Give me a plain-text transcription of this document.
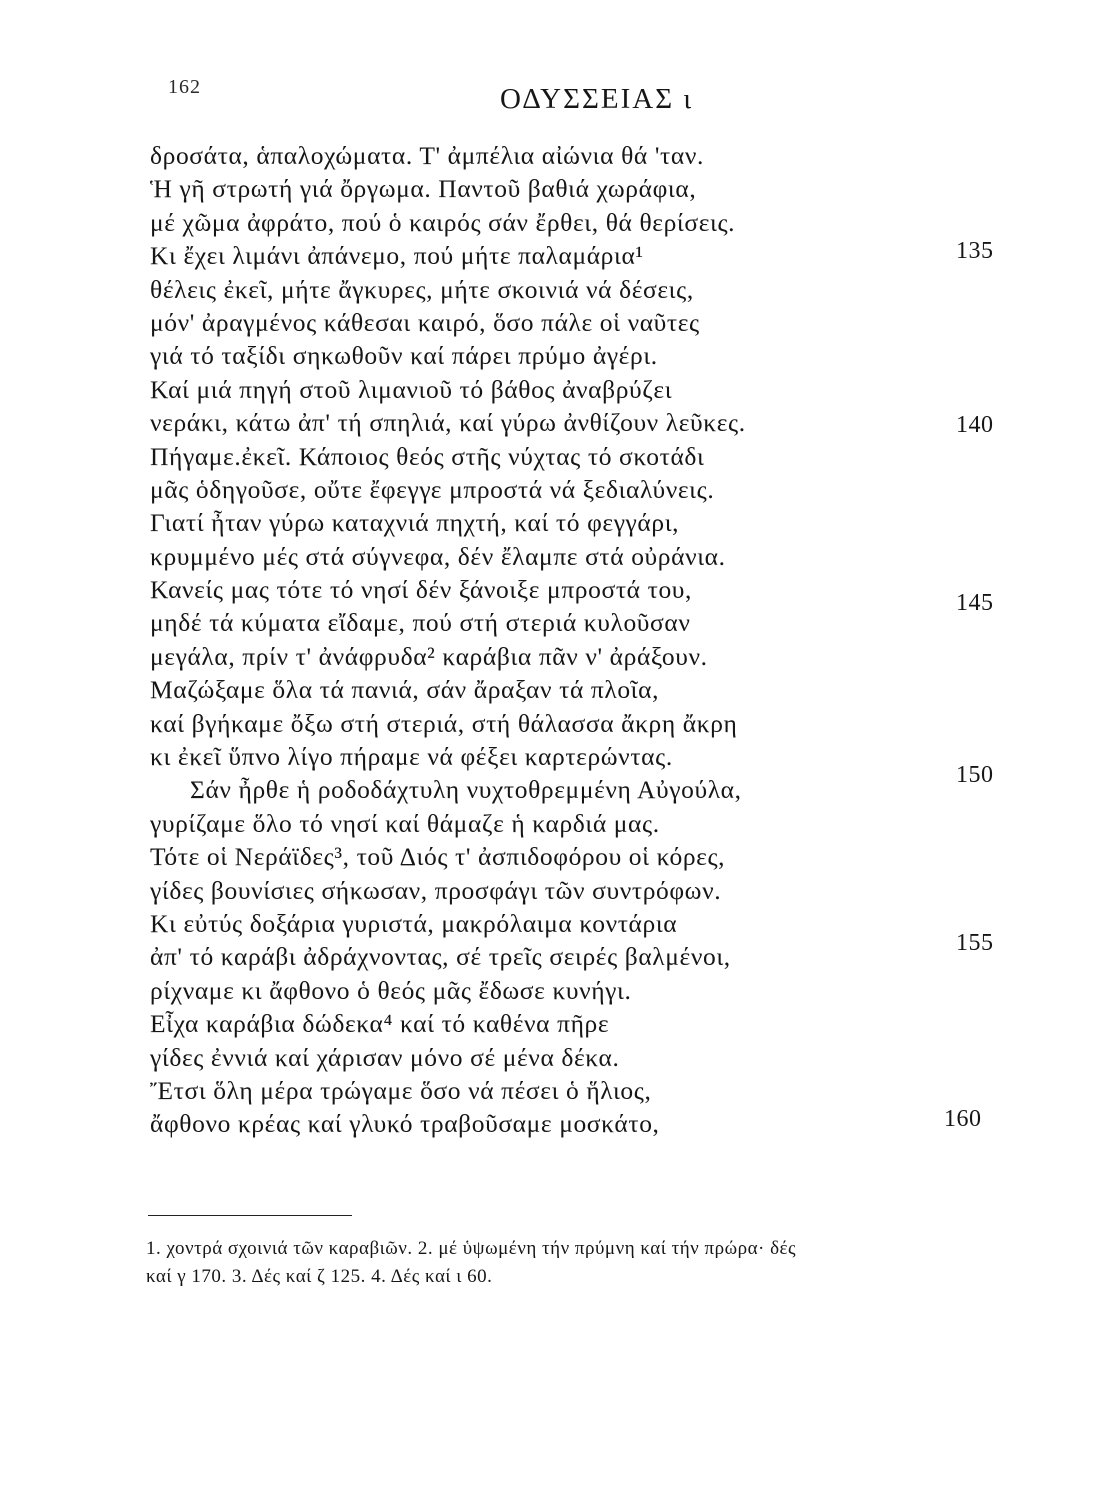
162	ΟΔΥΣΣΕΙΑΣ ι
δροσάτα, ἁπαλοχώματα. Τ' ἀμπέλια αἰώνια θά 'ταν.
Ἡ γῆ στρωτή γιά ὄργωμα. Παντοῦ βαθιά χωράφια,
μέ χῶμα ἀφράτο, πού ὁ καιρός σάν ἔρθει, θά θερίσεις.
Κι ἔχει λιμάνι ἀπάνεμο, πού μήτε παλαμάρια¹
θέλεις ἐκεῖ, μήτε ἄγκυρες, μήτε σκοινιά νά δέσεις,
μόν' ἀραγμένος κάθεσαι καιρό, ὅσο πάλε οἱ ναῦτες
γιά τό ταξίδι σηκωθοῦν καί πάρει πρύμο ἀγέρι.
Καί μιά πηγή στοῦ λιμανιοῦ τό βάθος ἀναβρύζει
νεράκι, κάτω ἀπ' τή σπηλιά, καί γύρω ἀνθίζουν λεῦκες.
Πήγαμε.ἐκεῖ. Κάποιος θεός στῆς νύχτας τό σκοτάδι
μᾶς ὁδηγοῦσε, οὔτε ἔφεγγε μπροστά νά ξεδιαλύνεις.
Γιατί ἦταν γύρω καταχνιά πηχτή, καί τό φεγγάρι,
κρυμμένο μές στά σύγνεφα, δέν ἔλαμπε στά οὐράνια.
Κανείς μας τότε τό νησί δέν ξάνοιξε μπροστά του,
μηδέ τά κύματα εἴδαμε, πού στή στεριά κυλοῦσαν
μεγάλα, πρίν τ' ἀνάφρυδα² καράβια πᾶν ν' ἀράξουν.
Μαζώξαμε ὅλα τά πανιά, σάν ἄραξαν τά πλοῖα,
καί βγήκαμε ὄξω στή στεριά, στή θάλασσα ἄκρη ἄκρη
κι ἐκεῖ ὕπνο λίγο πήραμε νά φέξει καρτερώντας.
Σάν ἦρθε ἡ ροδοδάχτυλη νυχτοθρεμμένη Αὐγούλα,
γυρίζαμε ὅλο τό νησί καί θάμαζε ἡ καρδιά μας.
Τότε οἱ Νεράϊδες³, τοῦ Διός τ' ἀσπιδοφόρου οἱ κόρες,
γίδες βουνίσιες σήκωσαν, προσφάγι τῶν συντρόφων.
Κι εὐτύς δοξάρια γυριστά, μακρόλαιμα κοντάρια
ἀπ' τό καράβι ἀδράχνοντας, σέ τρεῖς σειρές βαλμένοι,
ρίχναμε κι ἄφθονο ὁ θεός μᾶς ἔδωσε κυνήγι.
Εἶχα καράβια δώδεκα⁴ καί τό καθένα πῆρε
γίδες ἐννιά καί χάρισαν μόνο σέ μένα δέκα.
Ἔτσι ὅλη μέρα τρώγαμε ὅσο νά πέσει ὁ ἥλιος,
ἄφθονο κρέας καί γλυκό τραβοῦσαμε μοσκάτο,
135
140
145
150
155
160
1. χοντρά σχοινιά τῶν καραβιῶν. 2. μέ ὑψωμένη τήν πρύμνη καί τήν πρώρα· δές
καί γ 170. 3. Δές καί ζ 125. 4. Δές καί ι 60.
